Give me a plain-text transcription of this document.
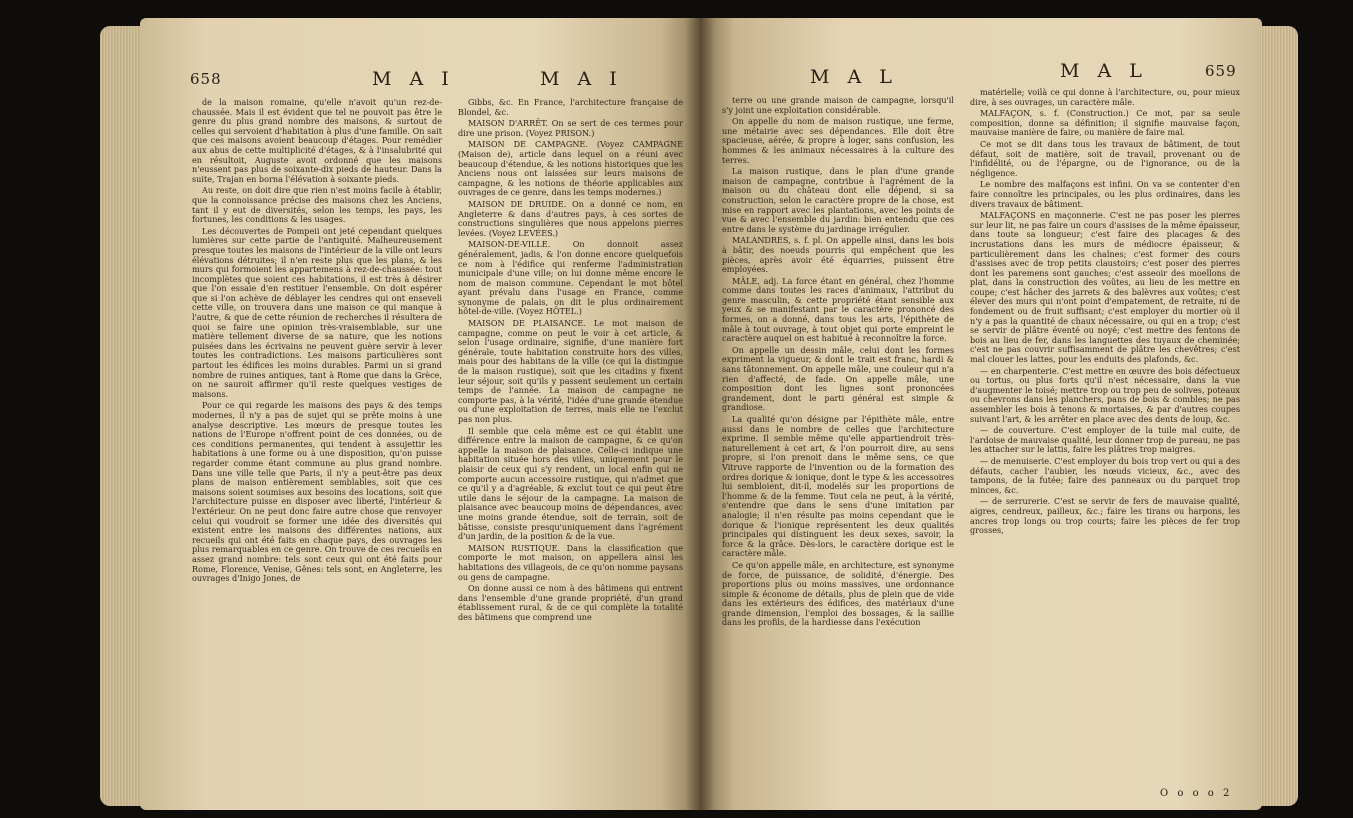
658	M A I	M A I

de la maison romaine, qu'elle n'avoit qu'un rez-de-chaussée. Mais il est évident que tel ne pouvoit pas être le genre du plus grand nombre des maisons, & surtout de celles qui servoient d'habitation à plus d'une famille. On sait que ces maisons avoient beaucoup d'étages. Pour remédier aux abus de cette multiplicité d'étages, & à l'insalubrité qui en résultoit, Auguste avoit ordonné que les maisons n'eussent pas plus de soixante-dix pieds de hauteur. Dans la suite, Trajan en borna l'élévation à soixante pieds.

Au reste, on doit dire que rien n'est moins facile à établir, que la connoissance précise des maisons chez les Anciens, tant il y eut de diversités, selon les temps, les pays, les fortunes, les conditions & les usages.

Les découvertes de Pompeii ont jeté cependant quelques lumières sur cette partie de l'antiquité. Malheureusement presque toutes les maisons de l'intérieur de la ville ont leurs élévations détruites; il n'en reste plus que les plans, & les murs qui formoient les appartemens à rez-de-chaussée: tout incomplètes que soient ces habitations, il est très à désirer que l'on essaie d'en restituer l'ensemble. On doit espérer que si l'on achève de déblayer les cendres qui ont enseveli cette ville, on trouvera dans une maison ce qui manque à l'autre, & que de cette réunion de recherches il résultera de quoi se faire une opinion très-vraisemblable, sur une matière tellement diverse de sa nature, que les notions puisées dans les écrivains ne peuvent guère servir à lever toutes les contradictions. Les maisons particulières sont partout les édifices les moins durables. Parmi un si grand nombre de ruines antiques, tant à Rome que dans la Grèce, on ne sauroit affirmer qu'il reste quelques vestiges de maisons.

Pour ce qui regarde les maisons des pays & des temps modernes, il n'y a pas de sujet qui se prête moins à une analyse descriptive. Les mœurs de presque toutes les nations de l'Europe n'offrent point de ces données, ou de ces conditions permanentes, qui tendent à assujettir les habitations à une forme ou à une disposition, qu'on puisse regarder comme étant commune au plus grand nombre. Dans une ville telle que Paris, il n'y a peut-être pas deux plans de maison entièrement semblables, soit que ces maisons soient soumises aux besoins des locations, soit que l'architecture puisse en disposer avec liberté, l'intérieur & l'extérieur. On ne peut donc faire autre chose que renvoyer celui qui voudroit se former une idée des diversités qui existent entre les maisons des différentes nations, aux recueils qui ont été faits en chaque pays, des ouvrages les plus remarquables en ce genre. On trouve de ces recueils en assez grand nombre: tels sont ceux qui ont été faits pour Rome, Florence, Venise, Gênes: tels sont, en Angleterre, les ouvrages d'Inigo Jones, de

Gibbs, &c. En France, l'architecture française de Blondel, &c.

MAISON D'ARRÊT. On se sert de ces termes pour dire une prison. (Voyez PRISON.)

MAISON DE CAMPAGNE. (Voyez CAMPAGNE (Maison de), article dans lequel on a réuni avec beaucoup d'étendue, & les notions historiques que les Anciens nous ont laissées sur leurs maisons de campagne, & les notions de théorie applicables aux ouvrages de ce genre, dans les temps modernes.)

MAISON DE DRUIDE. On a donné ce nom, en Angleterre & dans d'autres pays, à ces sortes de constructions singulières que nous appelons pierres levées. (Voyez LEVÉES.)

MAISON-DE-VILLE. On donnoit assez généralement, jadis, & l'on donne encore quelquefois ce nom à l'édifice qui renferme l'administration municipale d'une ville; on lui donne même encore le nom de maison commune. Cependant le mot hôtel ayant prévalu dans l'usage en France, comme synonyme de palais, on dit le plus ordinairement hôtel-de-ville. (Voyez HÔTEL.)

MAISON DE PLAISANCE. Le mot maison de campagne, comme on peut le voir à cet article, & selon l'usage ordinaire, signifie, d'une manière fort générale, toute habitation construite hors des villes, mais pour des habitans de la ville (ce qui la distingue de la maison rustique), soit que les citadins y fixent leur séjour, soit qu'ils y passent seulement un certain temps de l'année. La maison de campagne ne comporte pas, à la vérité, l'idée d'une grande étendue ou d'une exploitation de terres, mais elle ne l'exclut pas non plus.

Il semble que cela même est ce qui établit une différence entre la maison de campagne, & ce qu'on appelle la maison de plaisance. Celle-ci indique une habitation située hors des villes, uniquement pour le plaisir de ceux qui s'y rendent, un local enfin qui ne comporte aucun accessoire rustique, qui n'admet que ce qu'il y a d'agréable, & exclut tout ce qui peut être utile dans le séjour de la campagne. La maison de plaisance avec beaucoup moins de dépendances, avec une moins grande étendue, soit de terrain, soit de bâtisse, consiste presqu'uniquement dans l'agrément d'un jardin, de la position & de la vue.

MAISON RUSTIQUE. Dans la classification que comporte le mot maison, on appellera ainsi les habitations des villageois, de ce qu'on nomme paysans ou gens de campagne.

On donne aussi ce nom à des bâtimens qui entrent dans l'ensemble d'une grande propriété, d'un grand établissement rural, & de ce qui complète la totalité des bâtimens que comprend une

M A L	M A L	659

terre ou une grande maison de campagne, lorsqu'il s'y joint une exploitation considérable.

On appelle du nom de maison rustique, une ferme, une métairie avec ses dépendances. Elle doit être spacieuse, aérée, & propre à loger, sans confusion, les hommes & les animaux nécessaires à la culture des terres.

La maison rustique, dans le plan d'une grande maison de campagne, contribue à l'agrément de la maison ou du château dont elle dépend, si sa construction, selon le caractère propre de la chose, est mise en rapport avec les plantations, avec les points de vue & avec l'ensemble du jardin: bien entendu que ces entre dans le système du jardinage irrégulier.

MALANDRES, s. f. pl. On appelle ainsi, dans les bois à bâtir, des noeuds pourris qui empêchent que les pièces, après avoir été équarries, puissent être employées.

MÂLE, adj. La force étant en général, chez l'homme comme dans toutes les races d'animaux, l'attribut du genre masculin, & cette propriété étant sensible aux yeux & se manifestant par le caractère prononcé des formes, on a donné, dans tous les arts, l'épithète de mâle à tout ouvrage, à tout objet qui porte empreint le caractère auquel on est habitué à reconnoître la force.

On appelle un dessin mâle, celui dont les formes expriment la vigueur, & dont le trait est franc, hardi & sans tâtonnement. On appelle mâle, une couleur qui n'a rien d'affecté, de fade. On appelle mâle, une composition dont les lignes sont prononcées grandement, dont le parti général est simple & grandiose.

La qualité qu'on désigne par l'épithète mâle, entre aussi dans le nombre de celles que l'architecture exprime. Il semble même qu'elle appartiendroit très-naturellement à cet art, & l'on pourroit dire, au sens propre, si l'on prenoit dans le même sens, ce que Vitruve rapporte de l'invention ou de la formation des ordres dorique & ionique, dont le type & les accessoires lui sembloient, dit-il, modelés sur les proportions de l'homme & de la femme. Tout cela ne peut, à la vérité, s'entendre que dans le sens d'une imitation par analogie; il n'en résulte pas moins cependant que le dorique & l'ionique représentent les deux qualités principales qui distinguent les deux sexes, savoir, la force & la grâce. Dès-lors, le caractère dorique est le caractère mâle.

Ce qu'on appelle mâle, en architecture, est synonyme de force, de puissance, de solidité, d'énergie. Des proportions plus ou moins massives, une ordonnance simple & économe de détails, plus de plein que de vide dans les extérieurs des édifices, des matériaux d'une grande dimension, l'emploi des bossages, & la saillie dans les profils, de la hardiesse dans l'exécution

matérielle; voilà ce qui donne à l'architecture, ou, pour mieux dire, à ses ouvrages, un caractère mâle.

MALFAÇON, s. f. (Construction.) Ce mot, par sa seule composition, donne sa définition; il signifie mauvaise façon, mauvaise manière de faire, ou manière de faire mal.

Ce mot se dit dans tous les travaux de bâtiment, de tout défaut, soit de matière, soit de travail, provenant ou de l'infidélité, ou de l'épargne, ou de l'ignorance, ou de la négligence.

Le nombre des malfaçons est infini. On va se contenter d'en faire connoître les principales, ou les plus ordinaires, dans les divers travaux de bâtiment.

MALFAÇONS en maçonnerie. C'est ne pas poser les pierres sur leur lit, ne pas faire un cours d'assises de la même épaisseur, dans toute sa longueur; c'est faire des placages & des incrustations dans les murs de médiocre épaisseur, & particulièrement dans les chaînes; c'est former des cours d'assises avec de trop petits claustoirs; c'est poser des pierres dont les paremens sont gauches; c'est asseoir des moellons de plat, dans la construction des voûtes, au lieu de les mettre en coupe; c'est hâcher des jarrets & des balèvres aux voûtes; c'est élever des murs qui n'ont point d'empatement, de retraite, ni de fondement ou de fruit suffisant; c'est employer du mortier où il n'y a pas la quantité de chaux nécessaire, ou qui en a trop; c'est se servir de plâtre éventé ou noyé; c'est mettre des fentons de bois au lieu de fer, dans les languettes des tuyaux de cheminée; c'est ne pas couvrir suffisamment de plâtre les chevêtres; c'est mal clouer les lattes, pour les enduits des plafonds, &c.

— en charpenterie. C'est mettre en œuvre des bois défectueux ou tortus, ou plus forts qu'il n'est nécessaire, dans la vue d'augmenter le toisé; mettre trop ou trop peu de solives, poteaux ou chevrons dans les planchers, pans de bois & combles; ne pas assembler les bois à tenons & mortaises, & par d'autres coupes suivant l'art, & les arrêter en place avec des dents de loup, &c.

— de couverture. C'est employer de la tuile mal cuite, de l'ardoise de mauvaise qualité, leur donner trop de pureau, ne pas les attacher sur le lattis, faire les plâtres trop maigres.

— de menuiserie. C'est employer du bois trop vert ou qui a des défauts, cacher l'aubier, les nœuds vicieux, &c., avec des tampons, de la futée; faire des panneaux ou du parquet trop minces, &c.

— de serrurerie. C'est se servir de fers de mauvaise qualité, aigres, cendreux, pailleux, &c.; faire les tirans ou harpons, les ancres trop longs ou trop courts; faire les pièces de fer trop grosses,

O o o o 2
